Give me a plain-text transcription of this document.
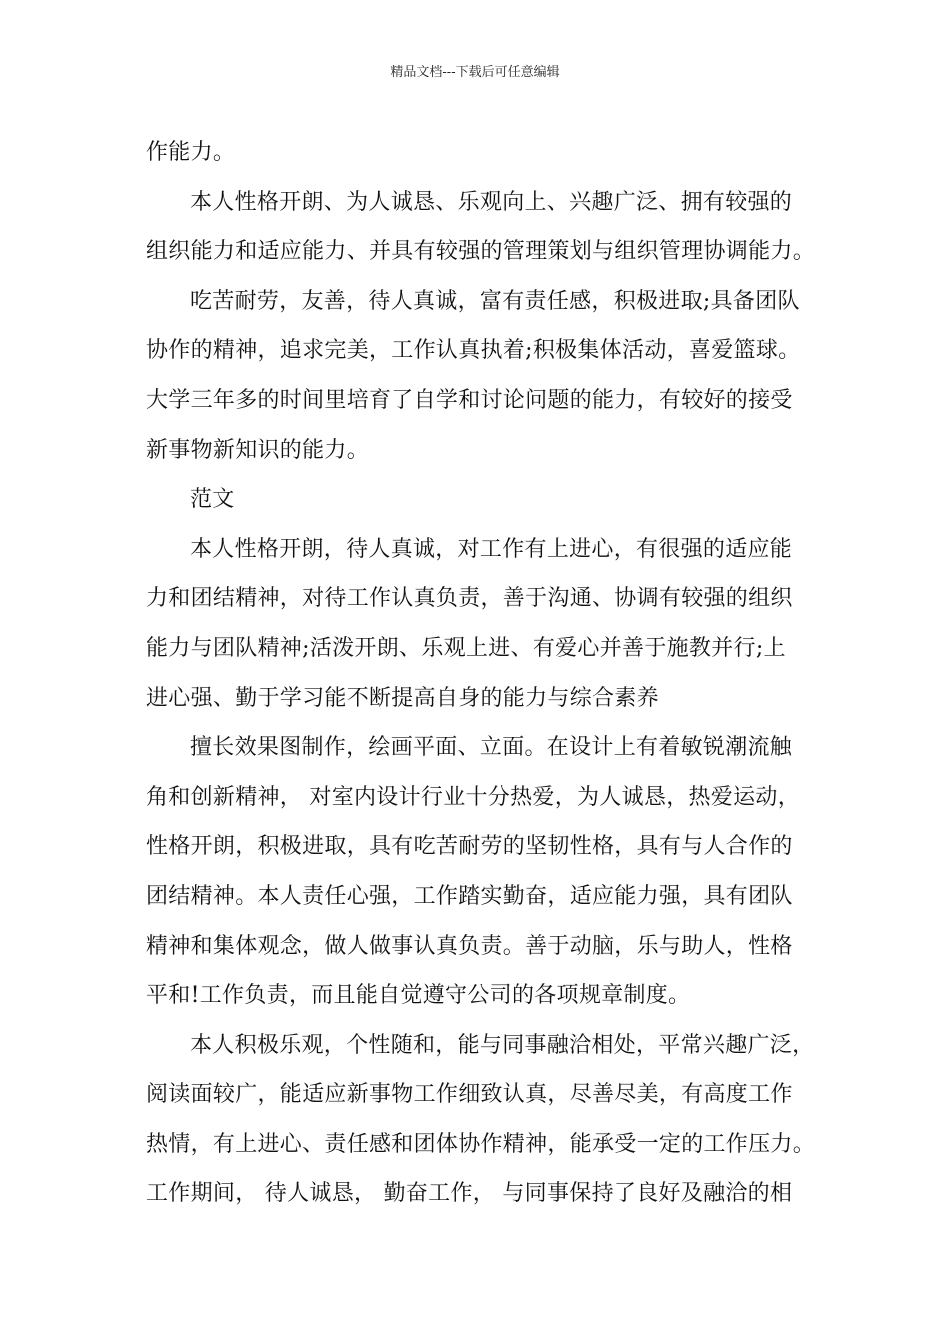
精品文档---下载后可任意编辑
作能力。
本人性格开朗、为人诚恳、乐观向上、兴趣广泛、拥有较强的
组织能力和适应能力、并具有较强的管理策划与组织管理协调能力。
吃苦耐劳，友善，待人真诚，富有责任感，积极进取;具备团队
协作的精神，追求完美，工作认真执着;积极集体活动，喜爱篮球。
大学三年多的时间里培育了自学和讨论问题的能力，有较好的接受
新事物新知识的能力。
范文
本人性格开朗，待人真诚，对工作有上进心，有很强的适应能
力和团结精神，对待工作认真负责，善于沟通、协调有较强的组织
能力与团队精神;活泼开朗、乐观上进、有爱心并善于施教并行;上
进心强、勤于学习能不断提高自身的能力与综合素养
擅长效果图制作，绘画平面、立面。在设计上有着敏锐潮流触
角和创新精神， 对室内设计行业十分热爱，为人诚恳，热爱运动，
性格开朗，积极进取，具有吃苦耐劳的坚韧性格，具有与人合作的
团结精神。本人责任心强，工作踏实勤奋，适应能力强，具有团队
精神和集体观念，做人做事认真负责。善于动脑，乐与助人，性格
平和!工作负责，而且能自觉遵守公司的各项规章制度。
本人积极乐观，个性随和，能与同事融洽相处，平常兴趣广泛，
阅读面较广，能适应新事物工作细致认真，尽善尽美，有高度工作
热情，有上进心、责任感和团体协作精神，能承受一定的工作压力。
工作期间， 待人诚恳， 勤奋工作， 与同事保持了良好及融洽的相
